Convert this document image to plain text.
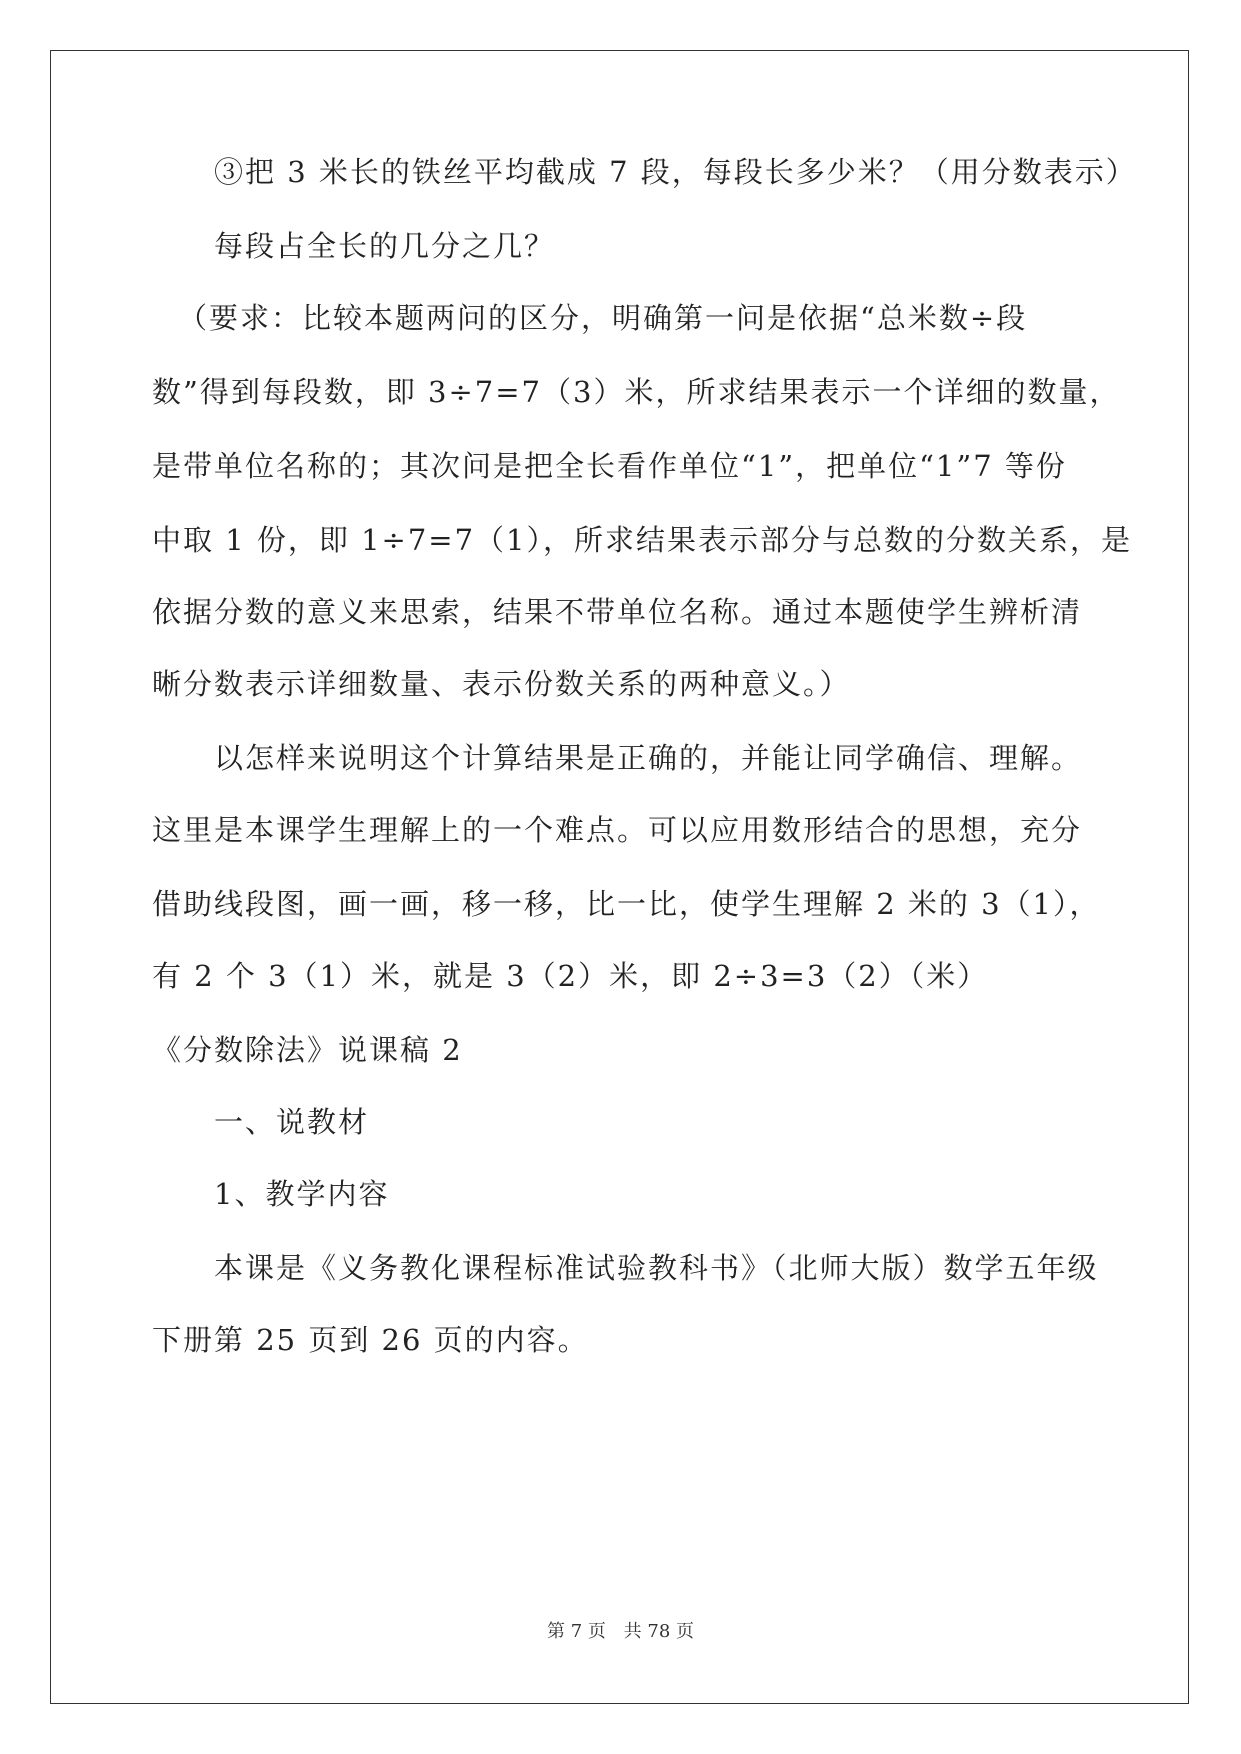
③把 3 米长的铁丝平均截成 7 段，每段长多少米？（用分数表示）
每段占全长的几分之几？
（要求：比较本题两问的区分，明确第一问是依据“总米数÷段
数”得到每段数，即 3÷7=7（3）米，所求结果表示一个详细的数量，
是带单位名称的；其次问是把全长看作单位“1”，把单位“1”7 等份
中取 1 份，即 1÷7=7（1），所求结果表示部分与总数的分数关系，是
依据分数的意义来思索，结果不带单位名称。通过本题使学生辨析清
晰分数表示详细数量、表示份数关系的两种意义。）
以怎样来说明这个计算结果是正确的，并能让同学确信、理解。
这里是本课学生理解上的一个难点。可以应用数形结合的思想，充分
借助线段图，画一画，移一移，比一比，使学生理解 2 米的 3（1），
有 2 个 3（1）米，就是 3（2）米，即 2÷3=3（2）（米）
《分数除法》说课稿 2
一、说教材
1、教学内容
本课是《义务教化课程标准试验教科书》（北师大版）数学五年级
下册第 25 页到 26 页的内容。
第 7 页 共 78 页
